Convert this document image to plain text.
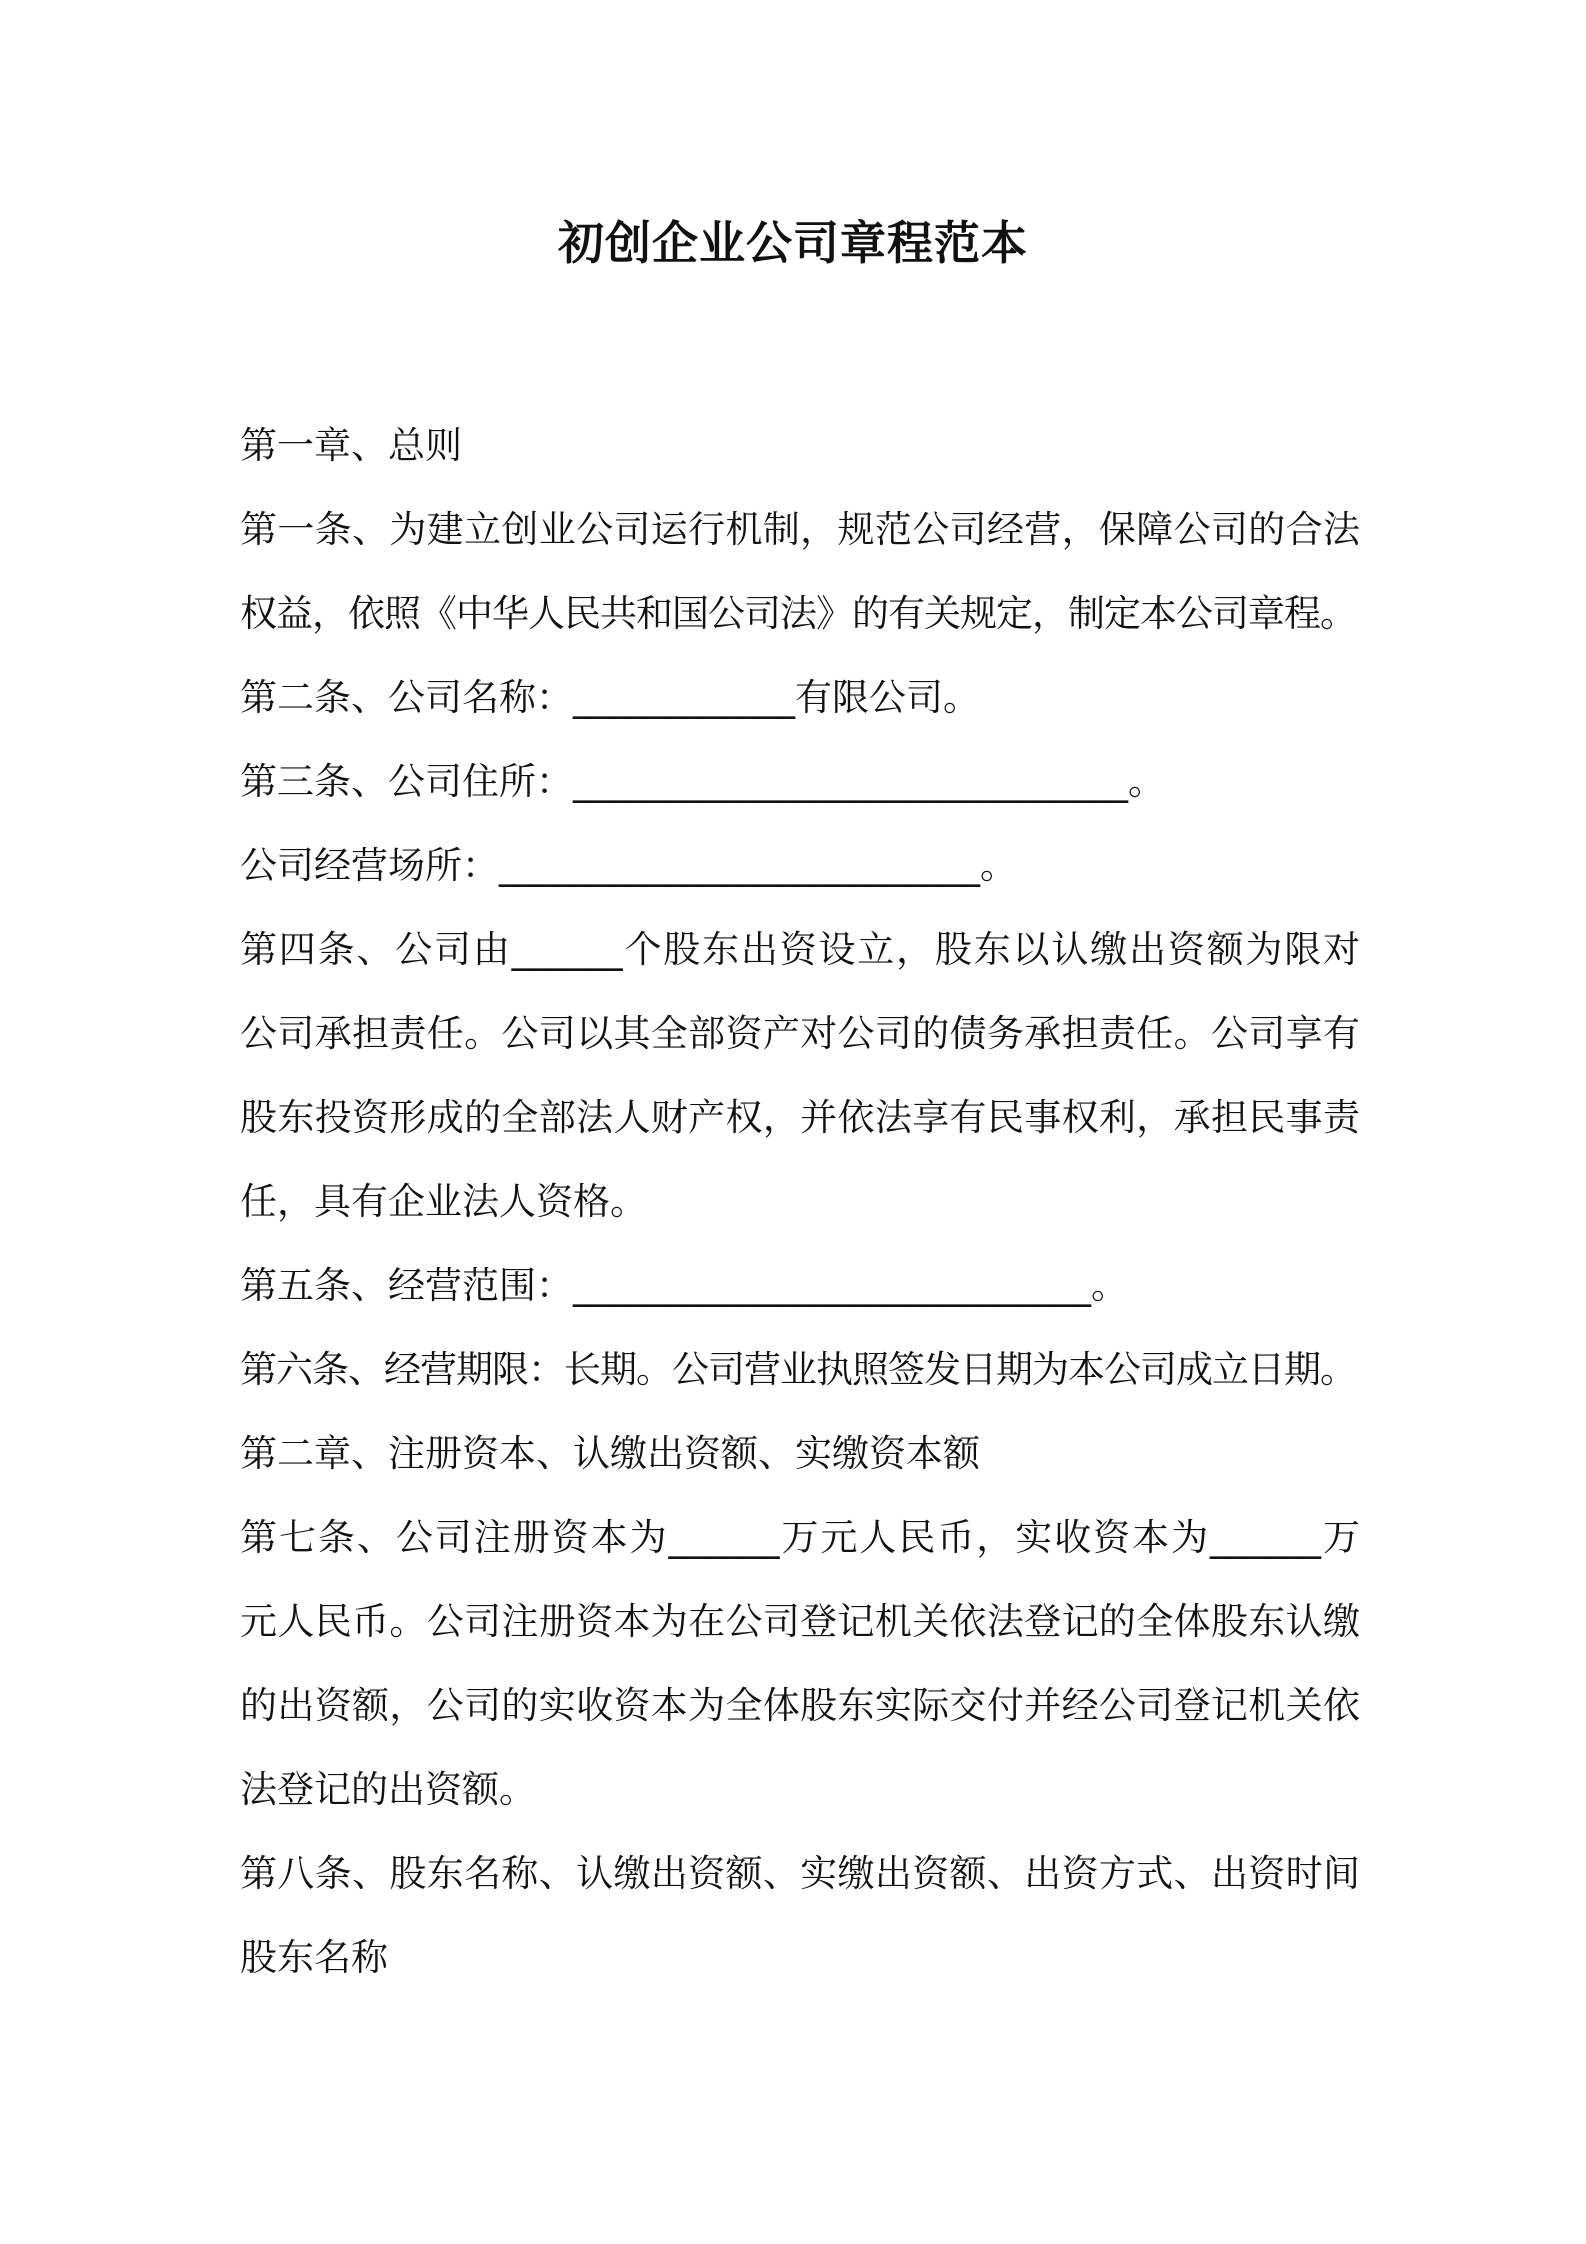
初创企业公司章程范本

第一章、总则

第一条、为建立创业公司运行机制，规范公司经营，保障公司的合法

权益，依照《中华人民共和国公司法》的有关规定，制定本公司章程。

第二条、公司名称：____________有限公司。

第三条、公司住所：______________________________。

公司经营场所：__________________________。

第四条、公司由______个股东出资设立，股东以认缴出资额为限对

公司承担责任。公司以其全部资产对公司的债务承担责任。公司享有

股东投资形成的全部法人财产权，并依法享有民事权利，承担民事责

任，具有企业法人资格。

第五条、经营范围：____________________________。

第六条、经营期限：长期。公司营业执照签发日期为本公司成立日期。

第二章、注册资本、认缴出资额、实缴资本额

第七条、公司注册资本为______万元人民币，实收资本为______万

元人民币。公司注册资本为在公司登记机关依法登记的全体股东认缴

的出资额，公司的实收资本为全体股东实际交付并经公司登记机关依

法登记的出资额。

第八条、股东名称、认缴出资额、实缴出资额、出资方式、出资时间

股东名称
